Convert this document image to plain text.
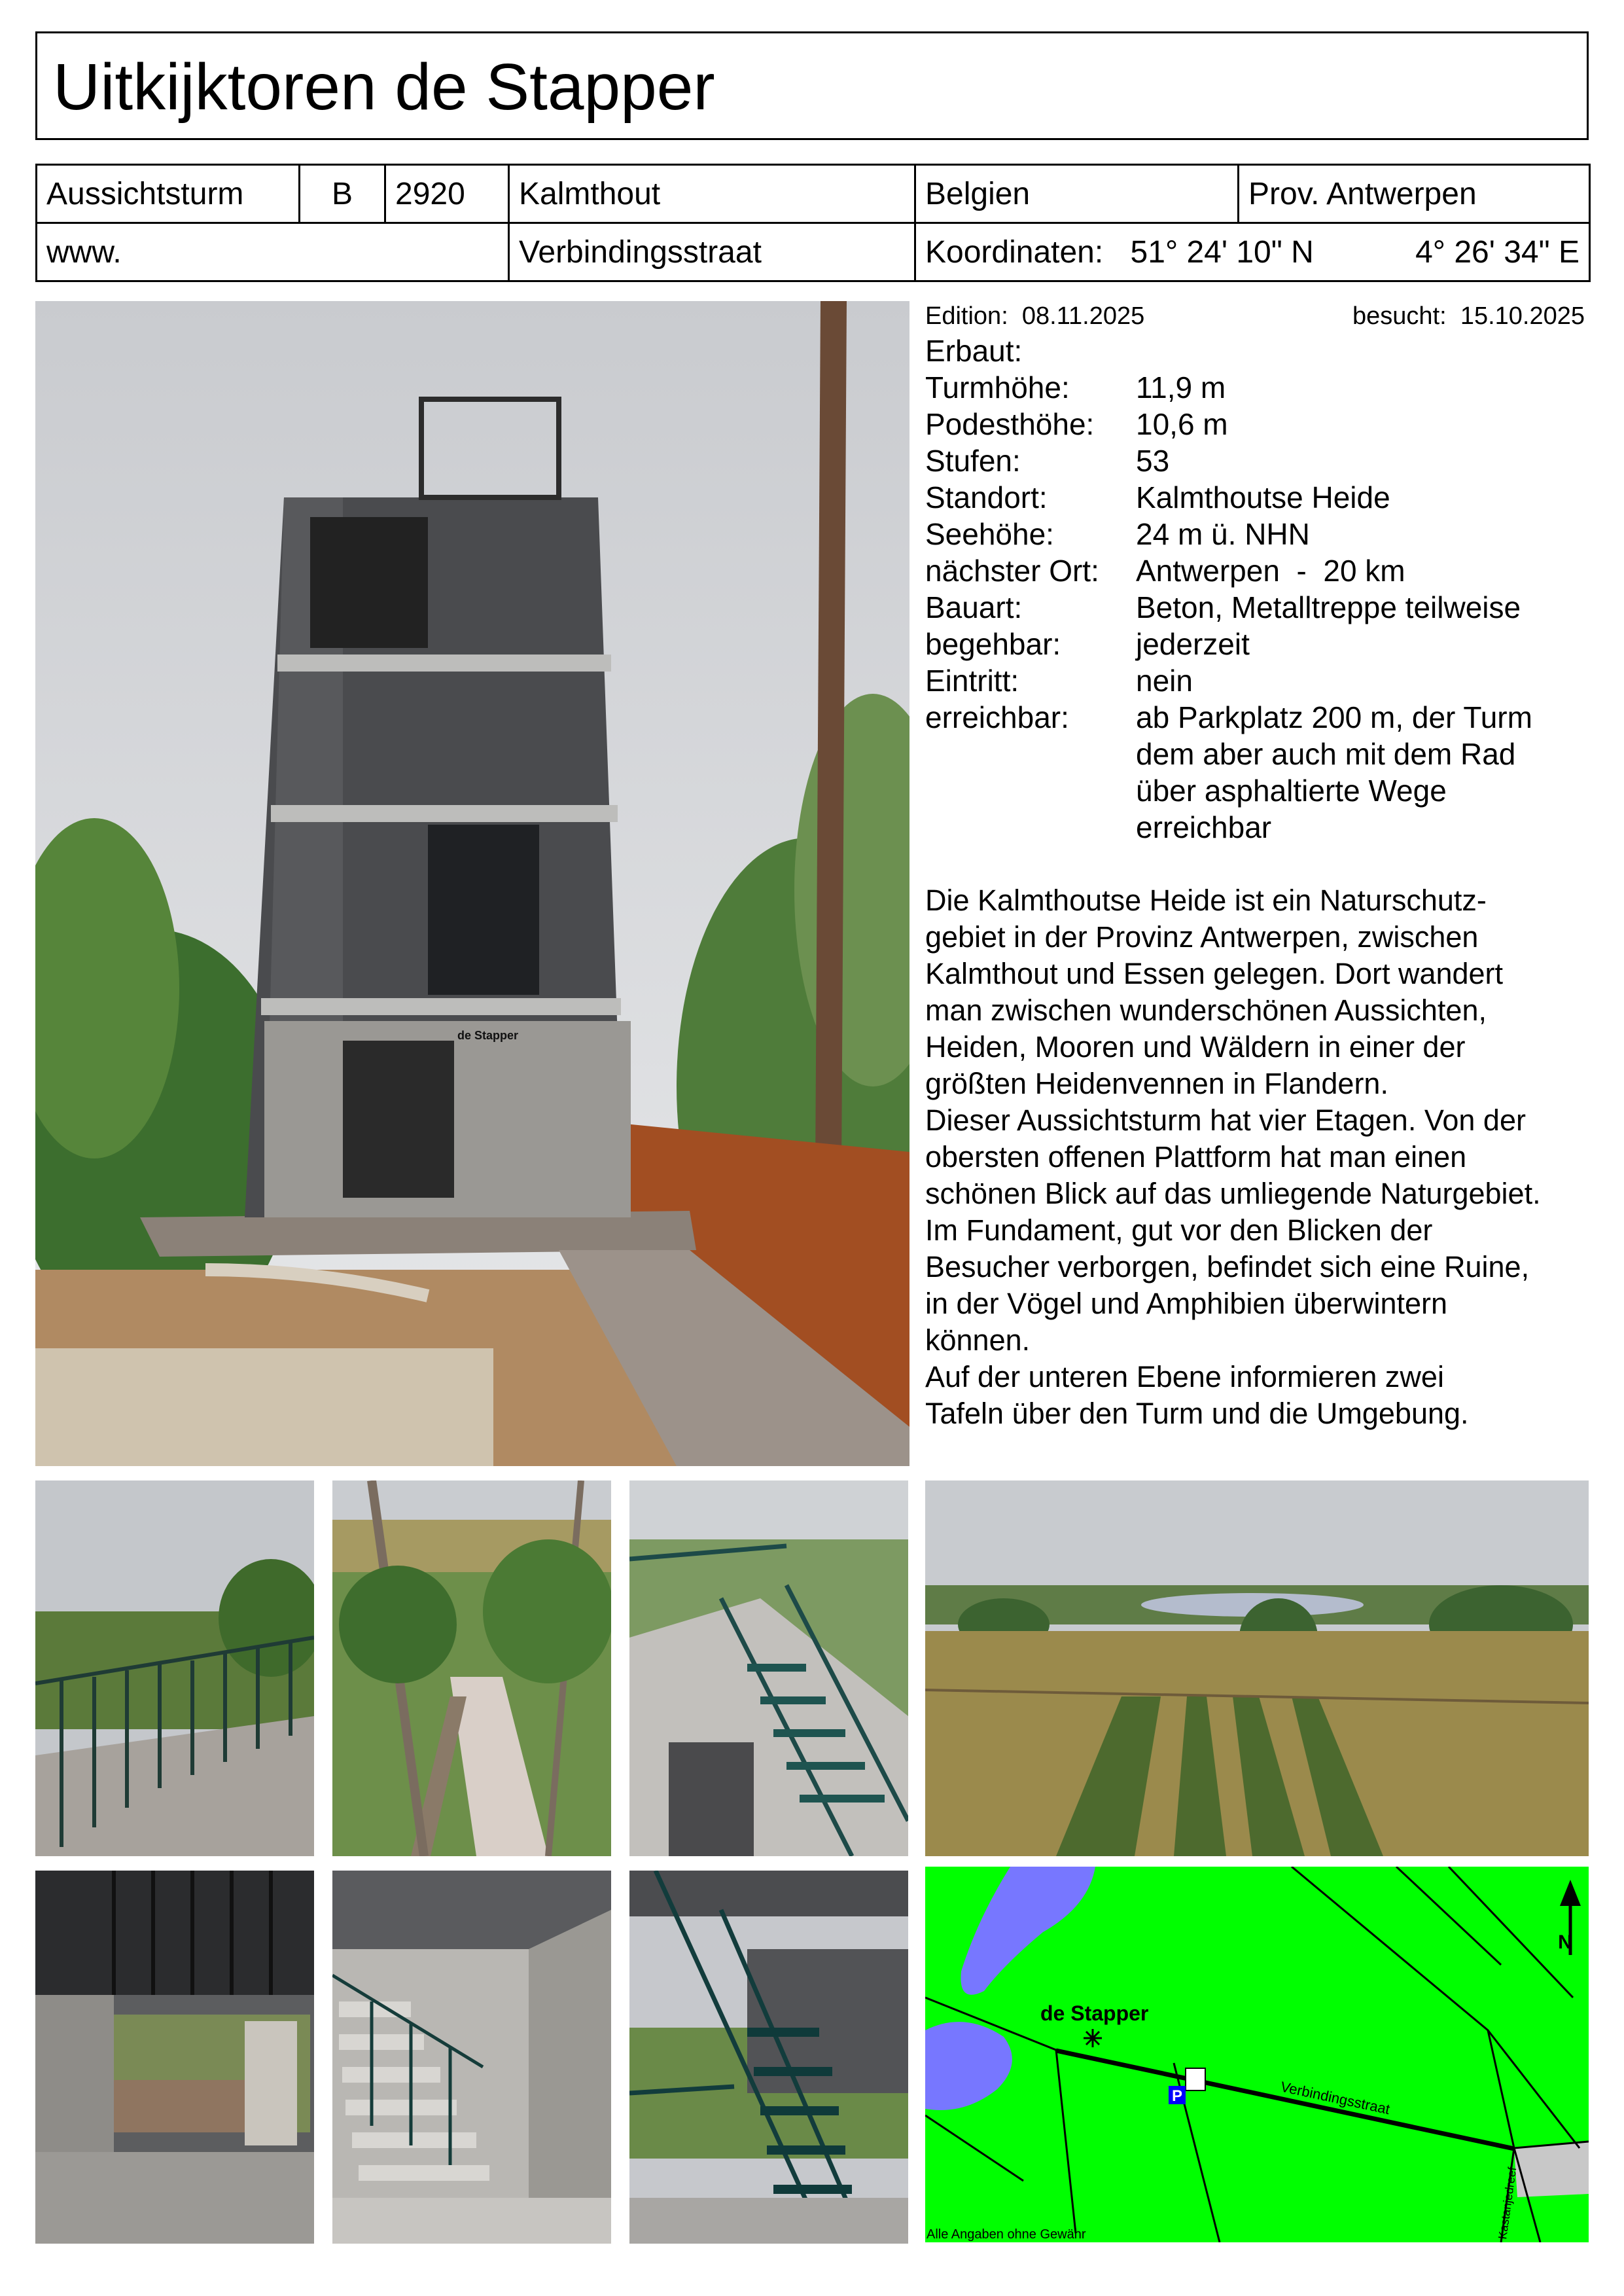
Uitkijktoren de Stapper
Aussichtsturm	B	2920	Kalmthout	Belgien	Prov. Antwerpen
www.			Verbindingsstraat	Koordinaten: 51° 24' 10" N 4° 26' 34" E	
de Stapper
Edition: 08.11.2025	besucht: 15.10.2025
Erbaut:
Turmhöhe:	11,9 m
Podesthöhe:	10,6 m
Stufen:	53
Standort:	Kalmthoutse Heide
Seehöhe:	24 m ü. NHN
nächster Ort:	Antwerpen  -  20 km
Bauart:	Beton, Metalltreppe teilweise
begehbar:	jederzeit
Eintritt:	nein
erreichbar:	ab Parkplatz 200 m, der Turm dem aber auch mit dem Rad über asphaltierte Wege erreichbar
Die Kalmthoutse Heide ist ein Naturschutz-
gebiet in der Provinz Antwerpen, zwischen
Kalmthout und Essen gelegen. Dort wandert
man zwischen wunderschönen Aussichten,
Heiden, Mooren und Wäldern in einer der
größten Heidenvennen in Flandern.
Dieser Aussichtsturm hat vier Etagen. Von der
obersten offenen Plattform hat man einen
schönen Blick auf das umliegende Naturgebiet.
Im Fundament, gut vor den Blicken der
Besucher verborgen, befindet sich eine Ruine,
in der Vögel und Amphibien überwintern
können.
Auf der unteren Ebene informieren zwei
Tafeln über den Turm und die Umgebung.
P
de Stapper
Verbindingsstraat
Kastanjedreef
N
Alle Angaben ohne Gewähr
